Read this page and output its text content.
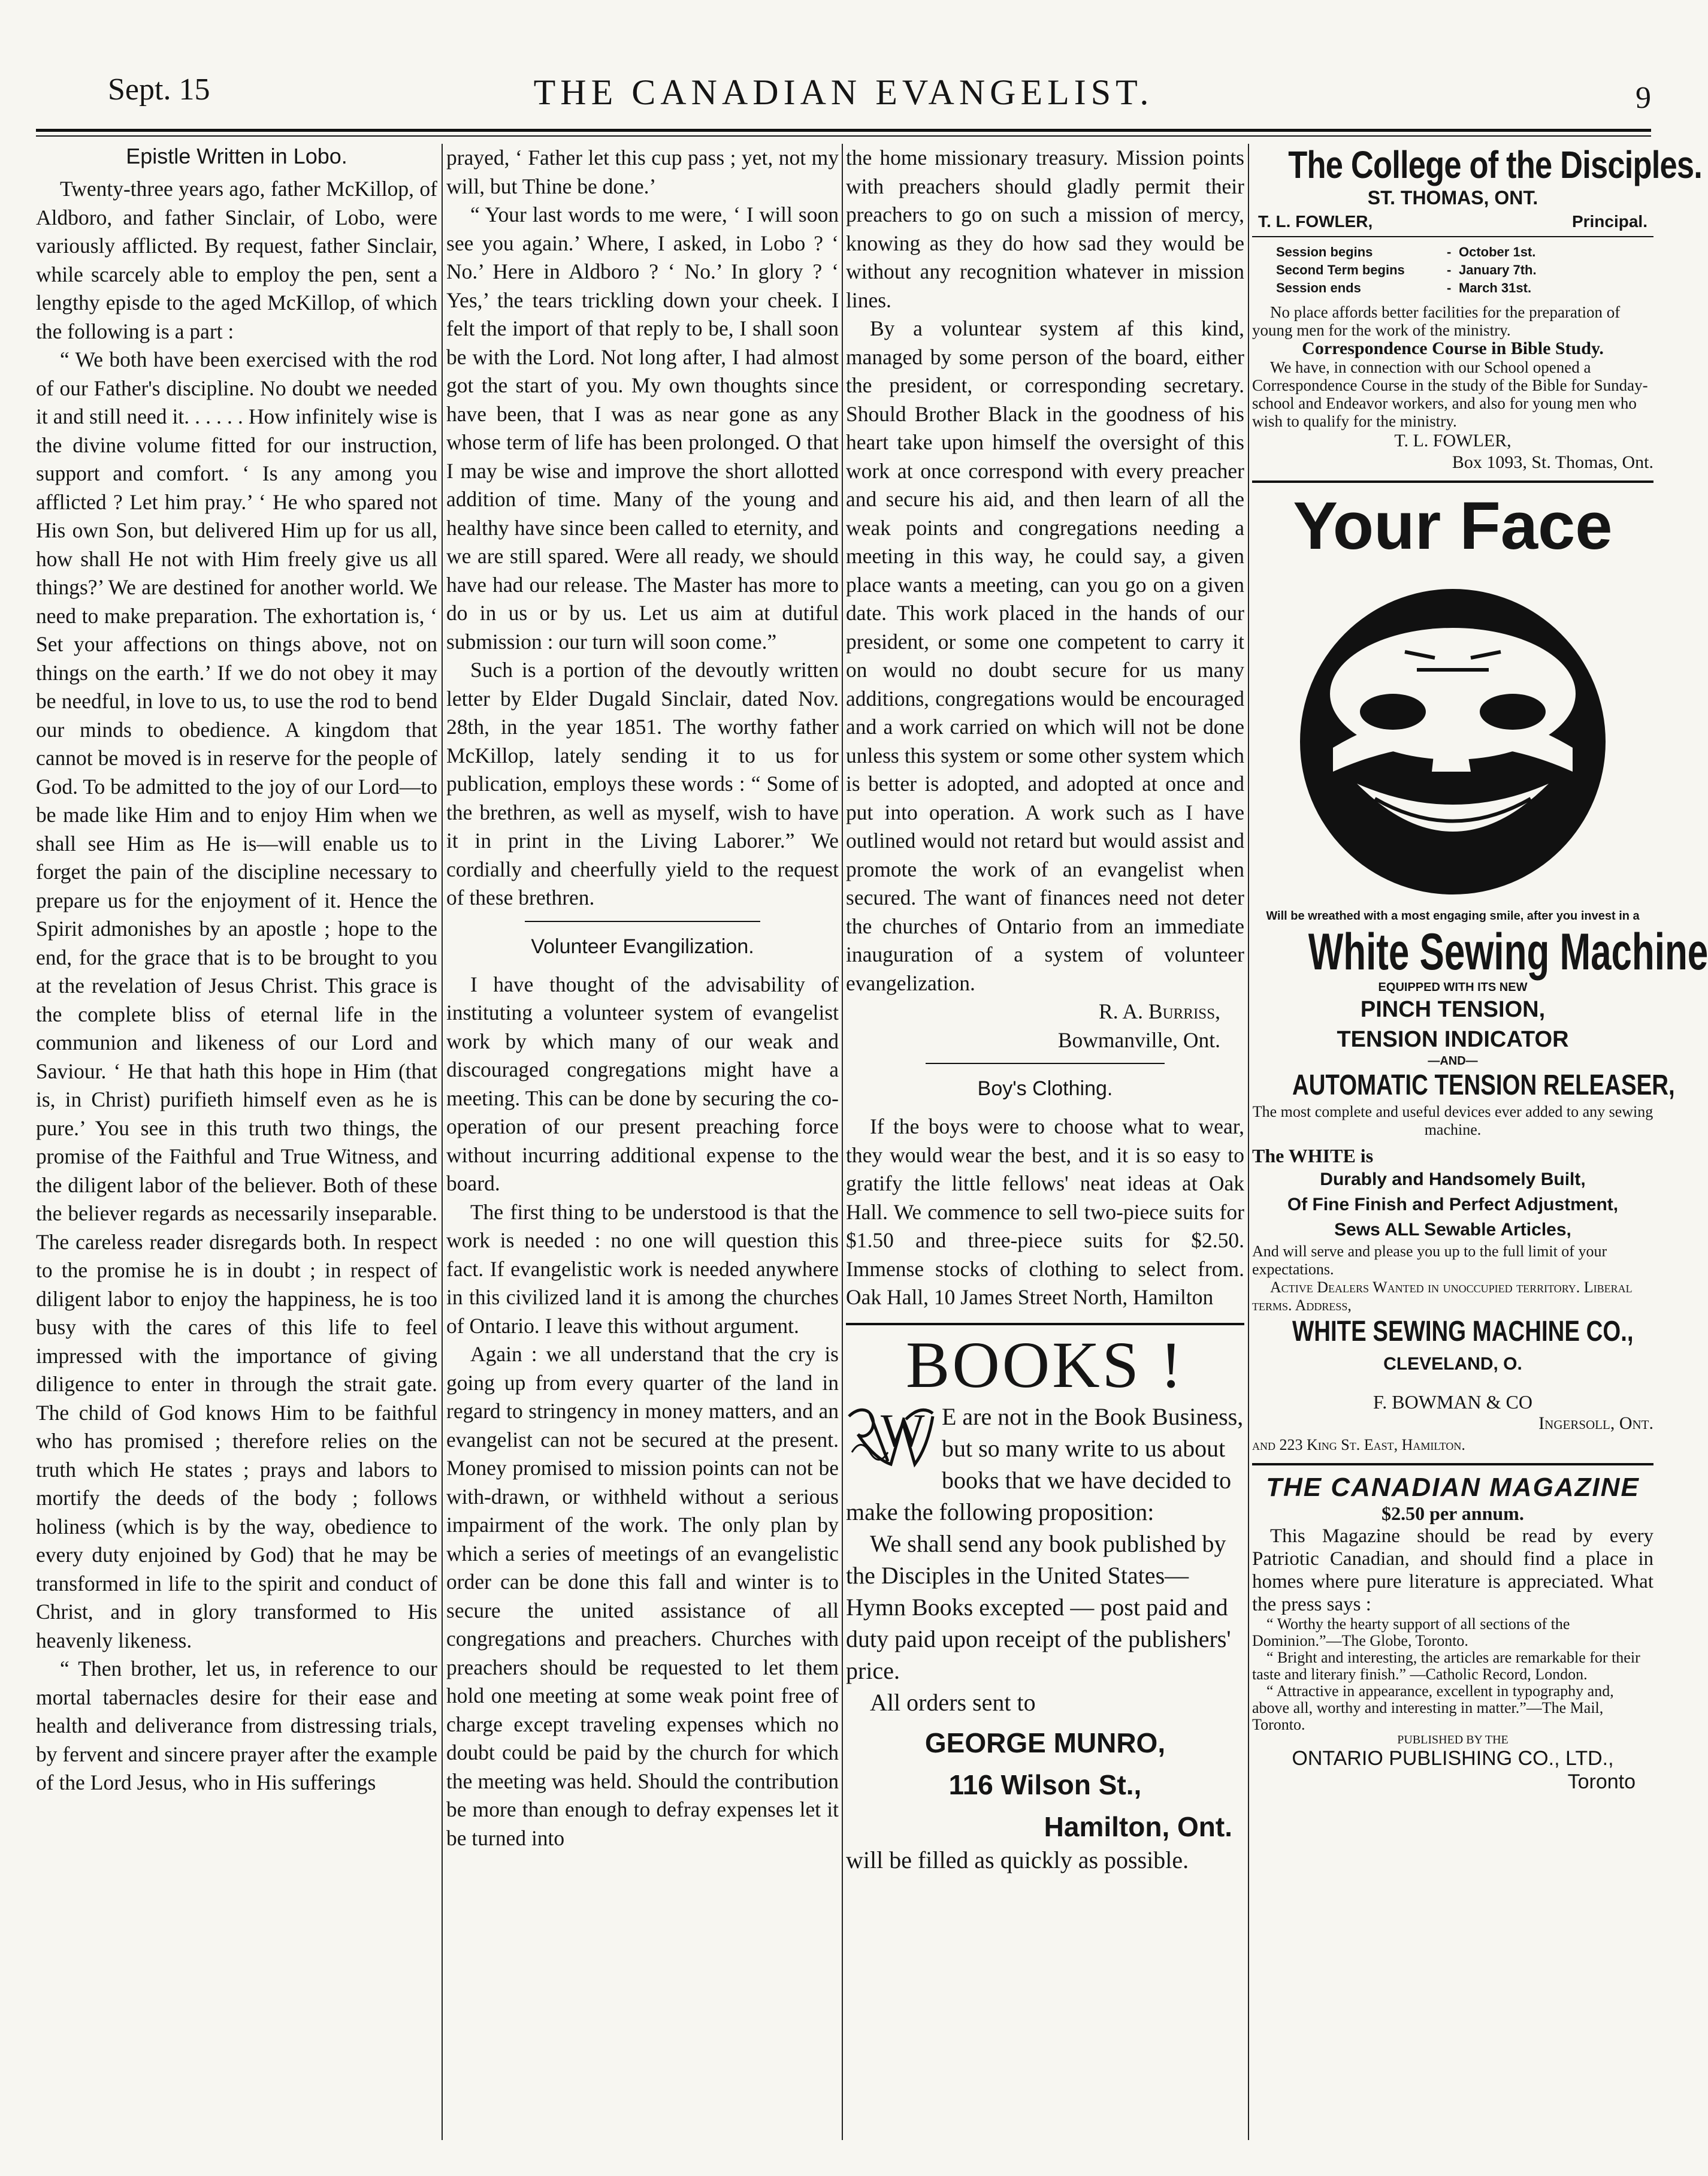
Sept. 15	THE CANADIAN EVANGELIST.	9
Epistle Written in Lobo.

Twenty-three years ago, father McKillop, of Aldboro, and father Sinclair, of Lobo, were variously afflicted. By request, father Sinclair, while scarcely able to employ the pen, sent a lengthy episde to the aged McKillop, of which the following is a part :

“ We both have been exercised with the rod of our Father's discipline. No doubt we needed it and still need it. . . . . . How infinitely wise is the divine volume fitted for our instruction, support and comfort. ‘ Is any among you afflicted ? Let him pray.’ ‘ He who spared not His own Son, but delivered Him up for us all, how shall He not with Him freely give us all things?’ We are destined for another world. We need to make preparation. The exhortation is, ‘ Set your affections on things above, not on things on the earth.’ If we do not obey it may be needful, in love to us, to use the rod to bend our minds to obedience. A kingdom that cannot be moved is in reserve for the people of God. To be admitted to the joy of our Lord—to be made like Him and to enjoy Him when we shall see Him as He is—will enable us to forget the pain of the discipline necessary to prepare us for the enjoyment of it. Hence the Spirit admonishes by an apostle ; hope to the end, for the grace that is to be brought to you at the revelation of Jesus Christ. This grace is the complete bliss of eternal life in the communion and likeness of our Lord and Saviour. ‘ He that hath this hope in Him (that is, in Christ) purifieth himself even as he is pure.’ You see in this truth two things, the promise of the Faithful and True Witness, and the diligent labor of the believer. Both of these the believer regards as necessarily inseparable. The careless reader disregards both. In respect to the promise he is in doubt ; in respect of diligent labor to enjoy the happiness, he is too busy with the cares of this life to feel impressed with the importance of giving diligence to enter in through the strait gate. The child of God knows Him to be faithful who has promised ; therefore relies on the truth which He states ; prays and labors to mortify the deeds of the body ; follows holiness (which is by the way, obedience to every duty enjoined by God) that he may be transformed in life to the spirit and conduct of Christ, and in glory transformed to His heavenly likeness.

“ Then brother, let us, in reference to our mortal tabernacles desire for their ease and health and deliverance from distressing trials, by fervent and sincere prayer after the example of the Lord Jesus, who in His sufferings

prayed, ‘ Father let this cup pass ; yet, not my will, but Thine be done.’

“ Your last words to me were, ‘ I will soon see you again.’ Where, I asked, in Lobo ? ‘ No.’ Here in Aldboro ? ‘ No.’ In glory ? ‘ Yes,’ the tears trickling down your cheek. I felt the import of that reply to be, I shall soon be with the Lord. Not long after, I had almost got the start of you. My own thoughts since have been, that I was as near gone as any whose term of life has been prolonged. O that I may be wise and improve the short allotted addition of time. Many of the young and healthy have since been called to eternity, and we are still spared. Were all ready, we should have had our release. The Master has more to do in us or by us. Let us aim at dutiful submission : our turn will soon come.”

Such is a portion of the devoutly written letter by Elder Dugald Sinclair, dated Nov. 28th, in the year 1851. The worthy father McKillop, lately sending it to us for publication, employs these words : “ Some of the brethren, as well as myself, wish to have it in print in the Living Laborer.” We cordially and cheerfully yield to the request of these brethren.

Volunteer Evangilization.

I have thought of the advisability of instituting a volunteer system of evangelist work by which many of our weak and discouraged congregations might have a meeting. This can be done by securing the co-operation of our present preaching force without incurring additional expense to the board.

The first thing to be understood is that the work is needed : no one will question this fact. If evangelistic work is needed anywhere in this civilized land it is among the churches of Ontario. I leave this without argument.

Again : we all understand that the cry is going up from every quarter of the land in regard to stringency in money matters, and an evangelist can not be secured at the present. Money promised to mission points can not be with-drawn, or withheld without a serious impairment of the work. The only plan by which a series of meetings of an evangelistic order can be done this fall and winter is to secure the united assistance of all congregations and preachers. Churches with preachers should be requested to let them hold one meeting at some weak point free of charge except traveling expenses which no doubt could be paid by the church for which the meeting was held. Should the contribution be more than enough to defray expenses let it be turned into

the home missionary treasury. Mission points with preachers should gladly permit their preachers to go on such a mission of mercy, knowing as they do how sad they would be without any recognition whatever in mission lines.

By a voluntear system af this kind, managed by some person of the board, either the president, or corresponding secretary. Should Brother Black in the goodness of his heart take upon himself the oversight of this work at once correspond with every preacher and secure his aid, and then learn of all the weak points and congregations needing a meeting in this way, he could say, a given place wants a meeting, can you go on a given date. This work placed in the hands of our president, or some one competent to carry it on would no doubt secure for us many additions, congregations would be encouraged and a work carried on which will not be done unless this system or some other system which is better is adopted, and adopted at once and put into operation. A work such as I have outlined would not retard but would assist and promote the work of an evangelist when secured. The want of finances need not deter the churches of Ontario from an immediate inauguration of a system of volunteer evangelization.

R. A. Burriss,

Bowmanville, Ont.

Boy's Clothing.

If the boys were to choose what to wear, they would wear the best, and it is so easy to gratify the little fellows' neat ideas at Oak Hall. We commence to sell two-piece suits for $1.50 and three-piece suits for $2.50. Immense stocks of clothing to select from. Oak Hall, 10 James Street North, Hamilton

BOOKS !
W E are not in the Book Business, but so many write to us about books that we have decided to make the following proposition:
We shall send any book published by the Disciples in the United States—Hymn Books excepted — post paid and duty paid upon receipt of the publishers' price.
All orders sent to
GEORGE MUNRO,
116 Wilson St.,
Hamilton, Ont.
will be filled as quickly as possible.
The College of the Disciples.
ST. THOMAS, ONT.
T. L. FOWLER,	Principal.
Session begins	- October 1st.
Second Term begins	- January 7th.
Session ends	- March 31st.
No place affords better facilities for the preparation of young men for the work of the ministry.
Correspondence Course in Bible Study.
We have, in connection with our School opened a Correspondence Course in the study of the Bible for Sunday-school and Endeavor workers, and also for young men who wish to qualify for the ministry.
T. L. FOWLER,
Box 1093, St. Thomas, Ont.
Your Face
Will be wreathed with a most engaging smile, after you invest in a
White Sewing Machine
EQUIPPED WITH ITS NEW
PINCH TENSION,
TENSION INDICATOR
—AND—
AUTOMATIC TENSION RELEASER,
The most complete and useful devices ever added to any sewing machine.
The WHITE is
Durably and Handsomely Built,
Of Fine Finish and Perfect Adjustment,
Sews ALL Sewable Articles,
And will serve and please you up to the full limit of your expectations.
Active Dealers Wanted in unoccupied territory. Liberal terms. Address,
WHITE SEWING MACHINE CO.,
CLEVELAND, O.
F. BOWMAN & CO
Ingersoll, Ont.
and 223 King St. East, Hamilton.
THE CANADIAN MAGAZINE
$2.50 per annum.
This Magazine should be read by every Patriotic Canadian, and should find a place in homes where pure literature is appreciated. What the press says :
“ Worthy the hearty support of all sections of the Dominion.”—The Globe, Toronto.
“ Bright and interesting, the articles are remarkable for their taste and literary finish.” —Catholic Record, London.
“ Attractive in appearance, excellent in typography and, above all, worthy and interesting in matter.”—The Mail, Toronto.
PUBLISHED BY THE
ONTARIO PUBLISHING CO., LTD.,
Toronto
